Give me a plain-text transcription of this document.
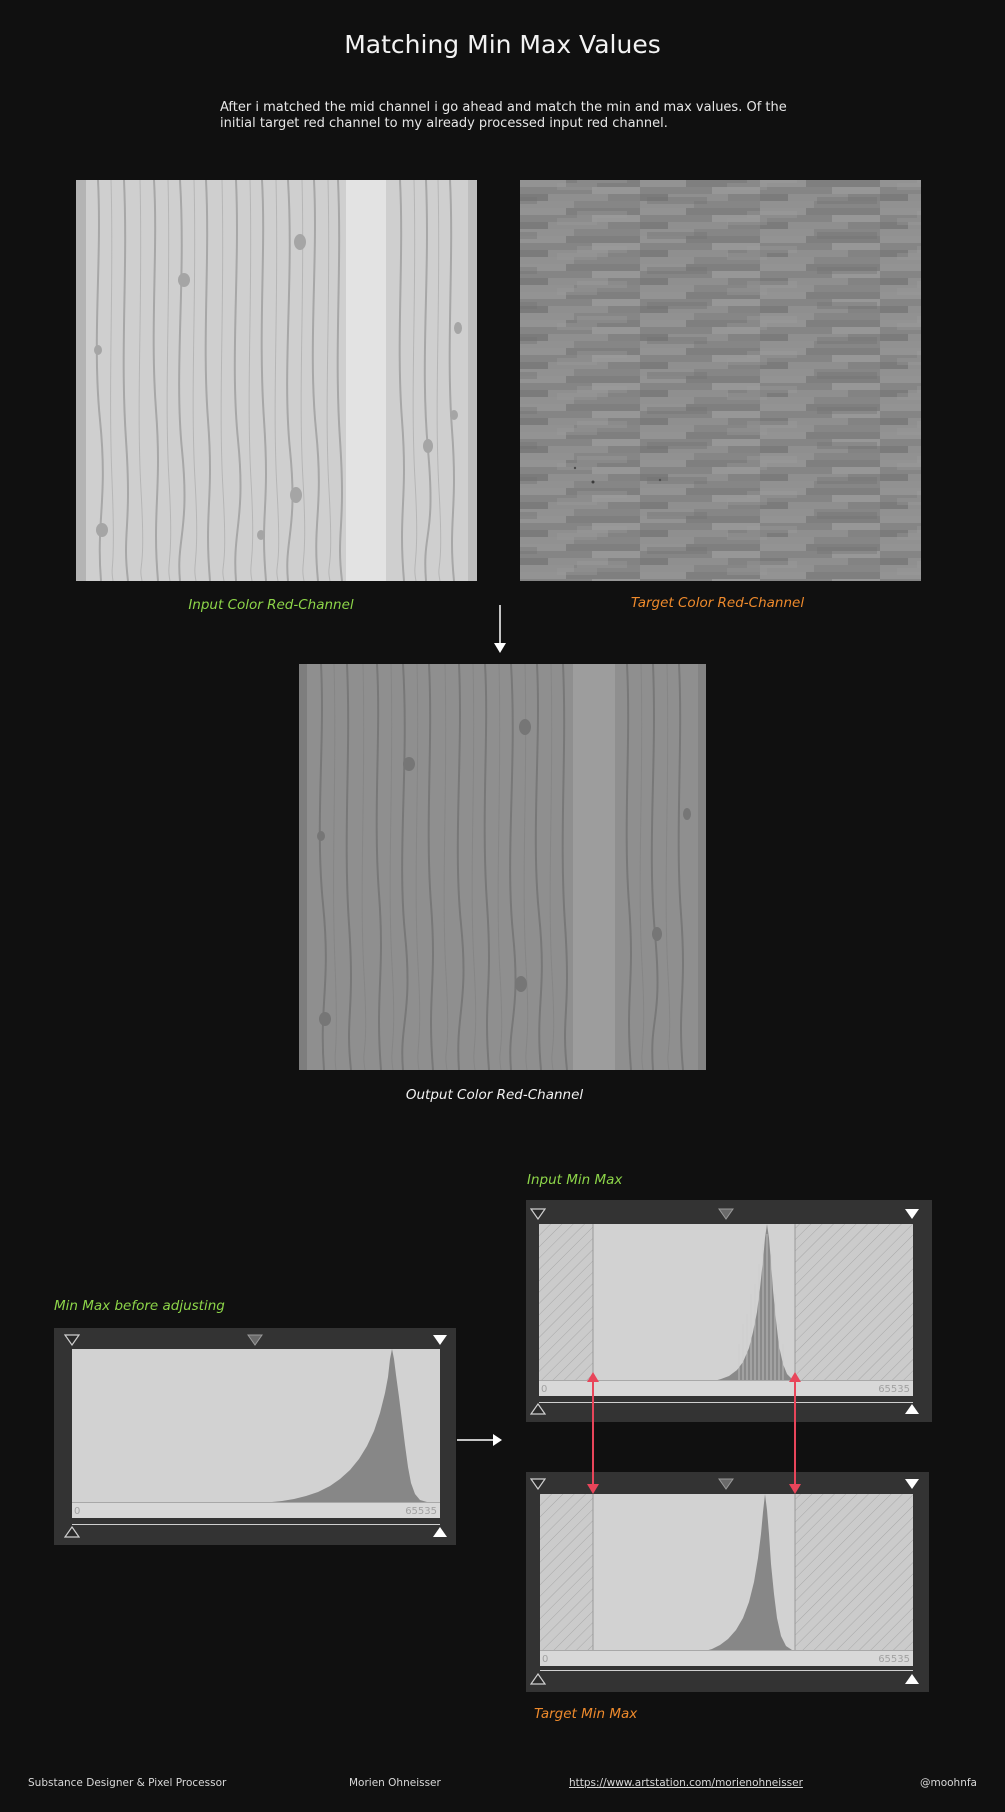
Matching Min Max Values
After i matched the mid channel i go ahead and match the min and max values. Of the initial target red channel to my already processed input red channel.
Input Color Red-Channel	Target Color Red-Channel
Output Color Red-Channel
Min Max before adjusting
0	65535
Input Min Max
0	65535
0	65535
Target Min Max
Substance Designer & Pixel Processor	Morien Ohneisser	https://www.artstation.com/morienohneisser	@moohnfa
